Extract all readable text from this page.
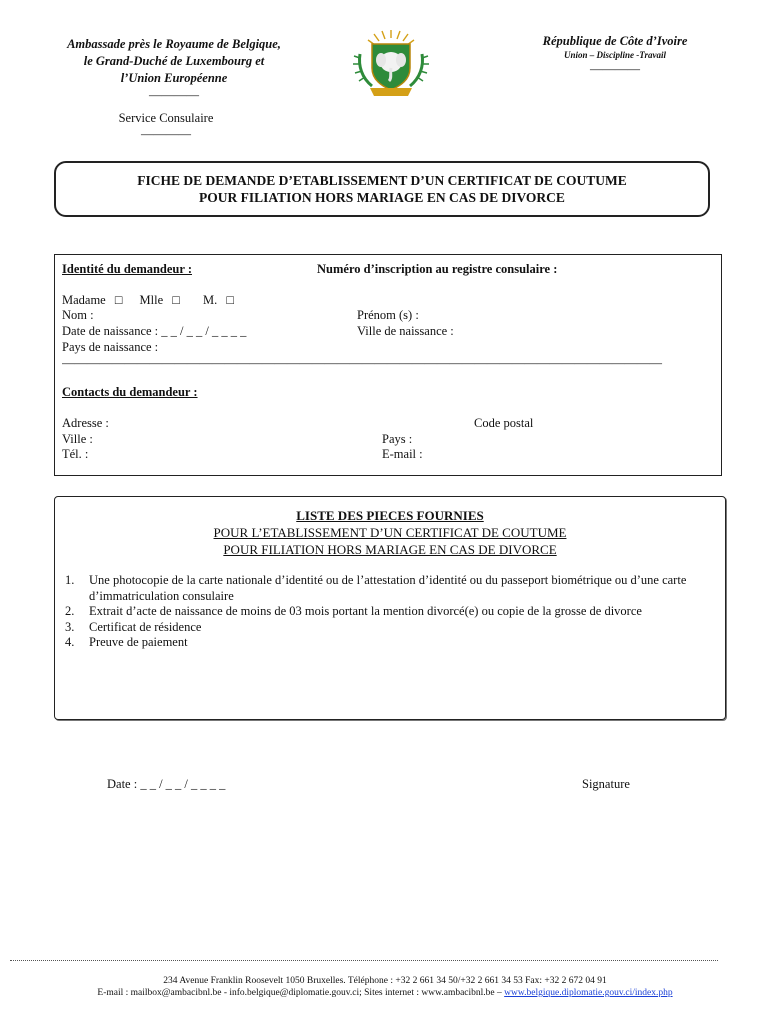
Ambassade près le Royaume de Belgique,
le Grand-Duché de Luxembourg et
l’Union Européenne
————
Service Consulaire
————
République de Côte d’Ivoire
Union – Discipline -Travail
————
FICHE DE DEMANDE D’ETABLISSEMENT D’UN CERTIFICAT DE COUTUME
POUR FILIATION HORS MARIAGE EN CAS DE DIVORCE
Identité du demandeur :	Numéro d’inscription au registre consulaire :
Madame □ Mlle □ M. □
Nom :	Prénom (s) :
Date de naissance : _ _ / _ _ / _ _ _ _	Ville de naissance :
Pays de naissance :
————————————————————————————————————————————————
Contacts du demandeur :
Adresse :	Code postal
Ville :	Pays :
Tél. :	E-mail :
LISTE DES PIECES FOURNIES
POUR L’ETABLISSEMENT D’UN CERTIFICAT DE COUTUME
POUR FILIATION HORS MARIAGE EN CAS DE DIVORCE
1. Une photocopie de la carte nationale d’identité ou de l’attestation d’identité ou du passeport biométrique ou d’une carte d’immatriculation consulaire
2. Extrait d’acte de naissance de moins de 03 mois portant la mention divorcé(e) ou copie de la grosse de divorce
3. Certificat de résidence
4. Preuve de paiement
Date : _ _ / _ _ / _ _ _ _	Signature
234 Avenue Franklin Roosevelt 1050 Bruxelles. Téléphone : +32 2 661 34 50/+32 2 661 34 53 Fax: +32 2 672 04 91
E-mail : mailbox@ambacibnl.be - info.belgique@diplomatie.gouv.ci; Sites internet : www.ambacibnl.be – www.belgique.diplomatie.gouv.ci/index.php
